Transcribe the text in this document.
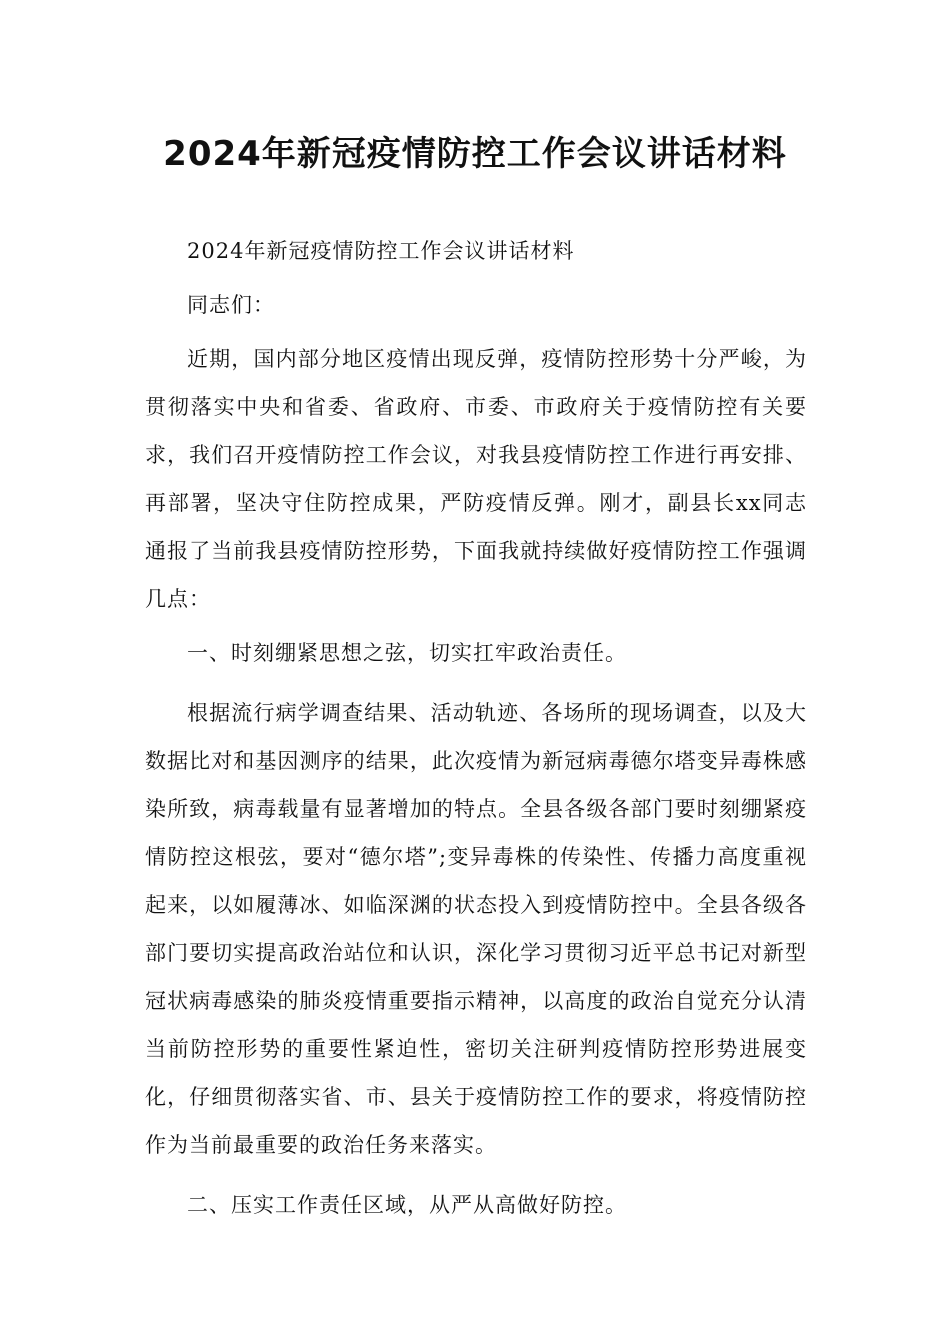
2024年新冠疫情防控工作会议讲话材料

2024年新冠疫情防控工作会议讲话材料

同志们：

近期，国内部分地区疫情出现反弹，疫情防控形势十分严峻，为贯彻落实中央和省委、省政府、市委、市政府关于疫情防控有关要求，我们召开疫情防控工作会议，对我县疫情防控工作进行再安排、再部署，坚决守住防控成果，严防疫情反弹。刚才，副县长xx同志通报了当前我县疫情防控形势，下面我就持续做好疫情防控工作强调几点：

一、时刻绷紧思想之弦，切实扛牢政治责任。

根据流行病学调查结果、活动轨迹、各场所的现场调查，以及大数据比对和基因测序的结果，此次疫情为新冠病毒德尔塔变异毒株感染所致，病毒载量有显著增加的特点。全县各级各部门要时刻绷紧疫情防控这根弦，要对“德尔塔”;变异毒株的传染性、传播力高度重视起来，以如履薄冰、如临深渊的状态投入到疫情防控中。全县各级各部门要切实提高政治站位和认识，深化学习贯彻习近平总书记对新型冠状病毒感染的肺炎疫情重要指示精神，以高度的政治自觉充分认清当前防控形势的重要性紧迫性，密切关注研判疫情防控形势进展变化，仔细贯彻落实省、市、县关于疫情防控工作的要求，将疫情防控作为当前最重要的政治任务来落实。

二、压实工作责任区域，从严从高做好防控。
